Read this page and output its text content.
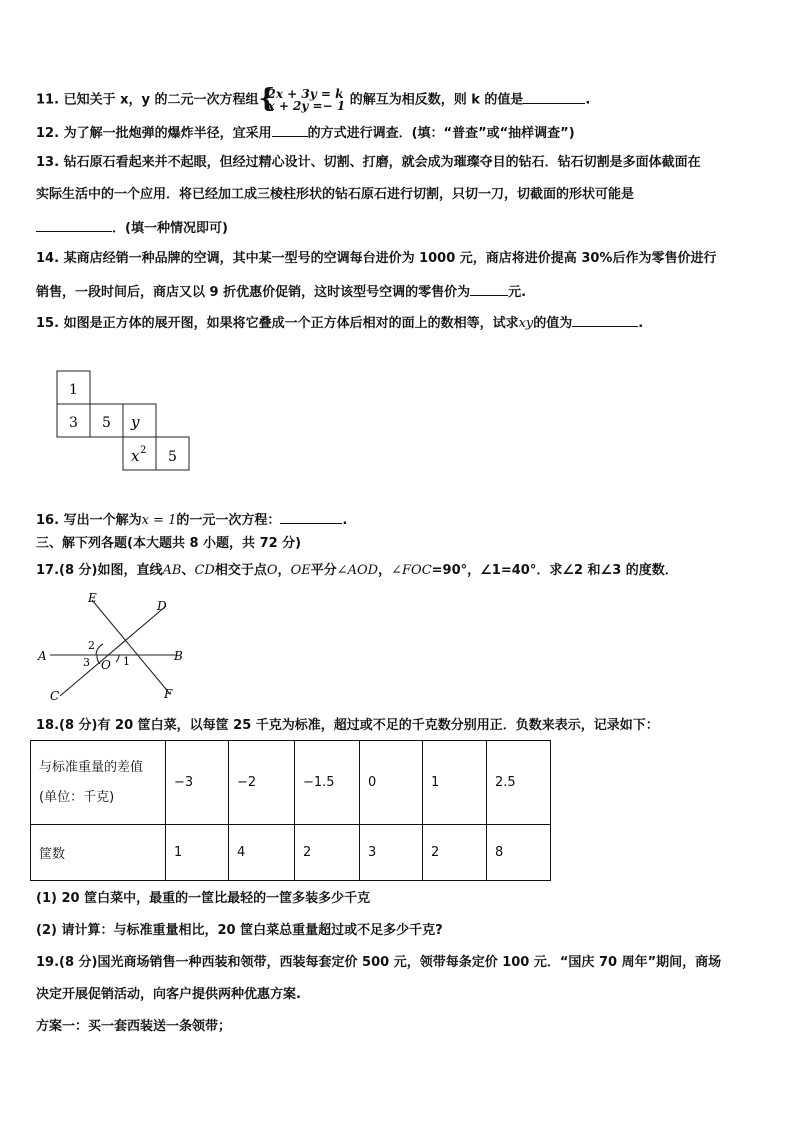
11. 已知关于 x，y 的二元一次方程组 {
2x + 3y = k
x + 2y =− 1 的解互为相反数，则 k 的值是	.
12. 为了解一批炮弹的爆炸半径，宜采用	的方式进行调查．(填：“普查”或“抽样调查”)
13. 钻石原石看起来并不起眼，但经过精心设计、切割、打磨，就会成为璀璨夺目的钻石．钻石切割是多面体截面在
实际生活中的一个应用．将已经加工成三棱柱形状的钻石原石进行切割，只切一刀，切截面的形状可能是
．(填一种情况即可)
14. 某商店经销一种品牌的空调，其中某一型号的空调每台进价为 1000 元，商店将进价提高 30%后作为零售价进行
销售，一段时间后，商店又以 9 折优惠价促销，这时该型号空调的零售价为	元.
15. 如图是正方体的展开图，如果将它叠成一个正方体后相对的面上的数相等，试求xy的值为	.
1
3 5 y
x 2 5
16. 写出一个解为x = 1的一元一次方程：	.
三、解下列各题(本大题共 8 小题，共 72 分)
17.(8 分)如图，直线AB、CD相交于点O，OE平分∠AOD，∠FOC=90°，∠1=40°．求∠2 和∠3 的度数．
E
D
A	B
C	F
O 1
2
3
18.(8 分)有 20 筐白菜，以每筐 25 千克为标准，超过或不足的千克数分别用正．负数来表示，记录如下：
与标准重量的差值
(单位：千克)	−3	−2	−1.5	0	1	2.5
筐数	1	4	2	3	2	8
(1) 20 筐白菜中，最重的一筐比最轻的一筐多装多少千克
(2) 请计算：与标准重量相比，20 筐白菜总重量超过或不足多少千克?
19.(8 分)国光商场销售一种西装和领带，西装每套定价 500 元，领带每条定价 100 元．“国庆 70 周年”期间，商场
决定开展促销活动，向客户提供两种优惠方案.
方案一：买一套西装送一条领带；
